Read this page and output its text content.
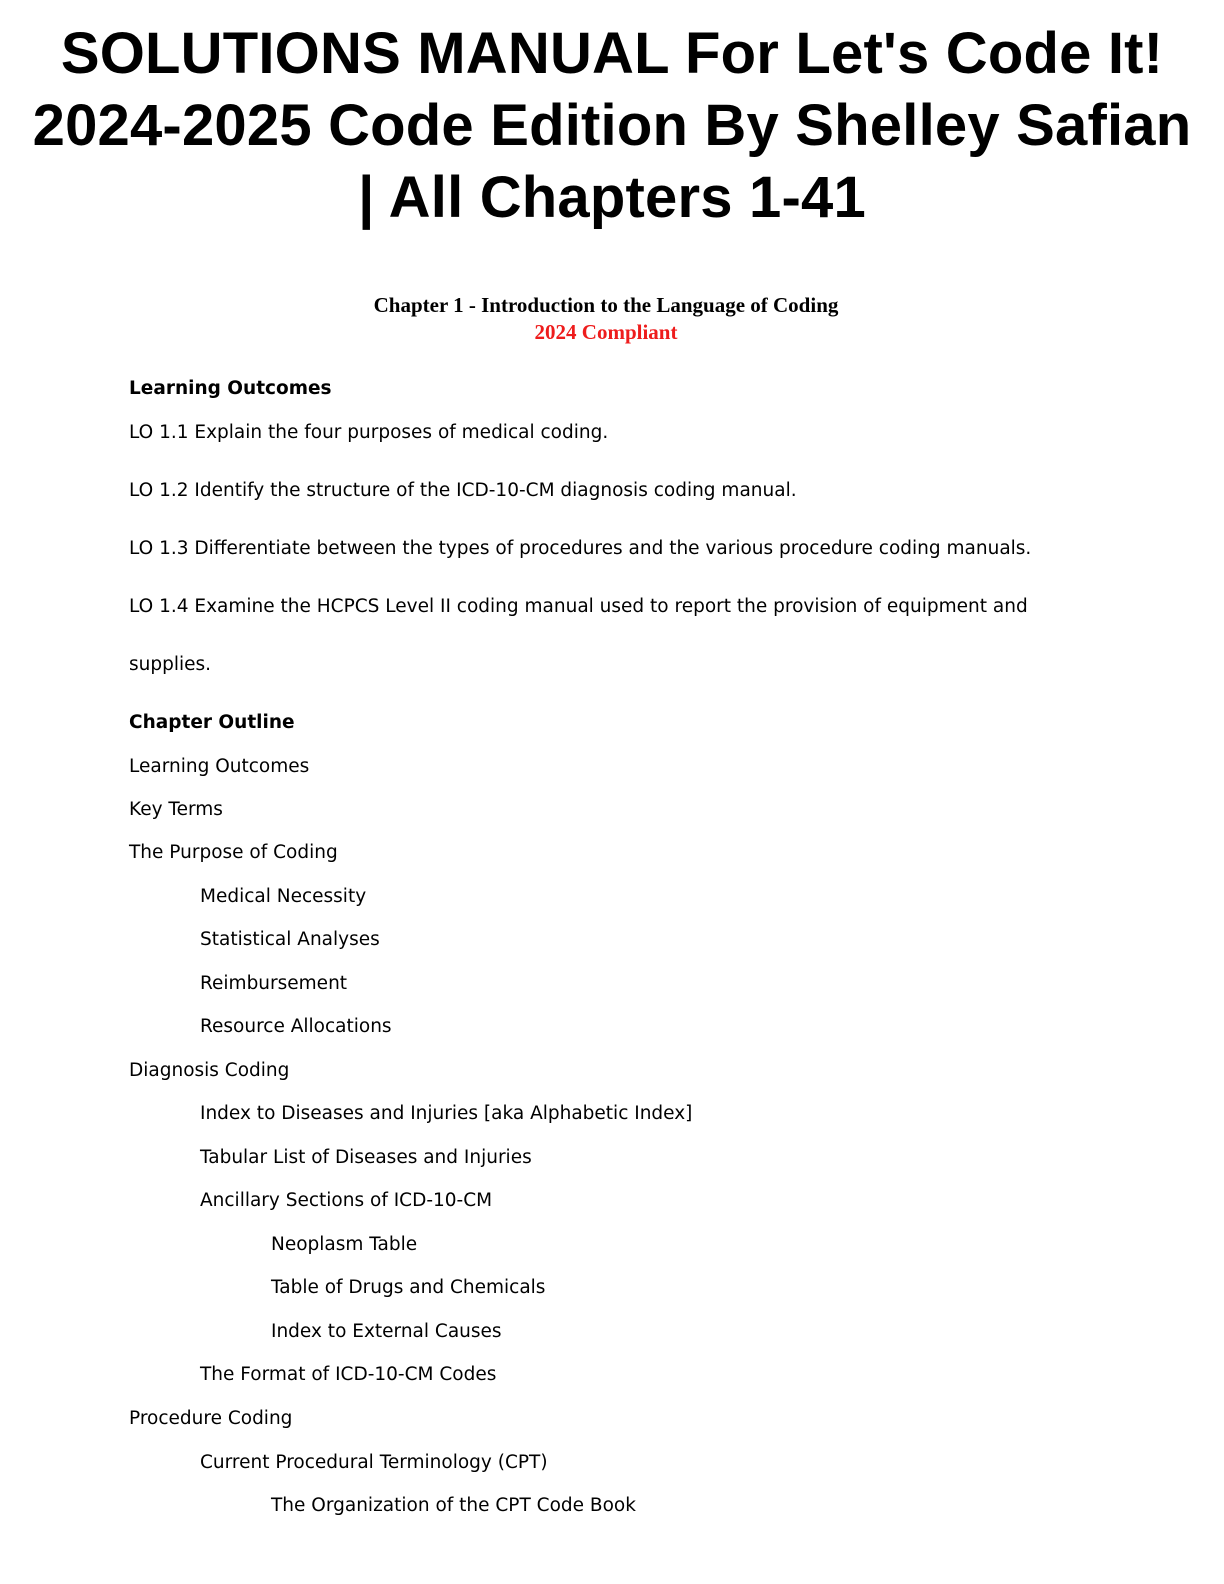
SOLUTIONS MANUAL For Let's Code It! 2024-2025 Code Edition By Shelley Safian | All Chapters 1-41
Chapter 1 - Introduction to the Language of Coding
2024 Compliant
Learning Outcomes
LO 1.1 Explain the four purposes of medical coding.
LO 1.2 Identify the structure of the ICD-10-CM diagnosis coding manual.
LO 1.3 Differentiate between the types of procedures and the various procedure coding manuals.
LO 1.4 Examine the HCPCS Level II coding manual used to report the provision of equipment and
supplies.
Chapter Outline
Learning Outcomes
Key Terms
The Purpose of Coding
Medical Necessity
Statistical Analyses
Reimbursement
Resource Allocations
Diagnosis Coding
Index to Diseases and Injuries [aka Alphabetic Index]
Tabular List of Diseases and Injuries
Ancillary Sections of ICD-10-CM
Neoplasm Table
Table of Drugs and Chemicals
Index to External Causes
The Format of ICD-10-CM Codes
Procedure Coding
Current Procedural Terminology (CPT)
The Organization of the CPT Code Book
